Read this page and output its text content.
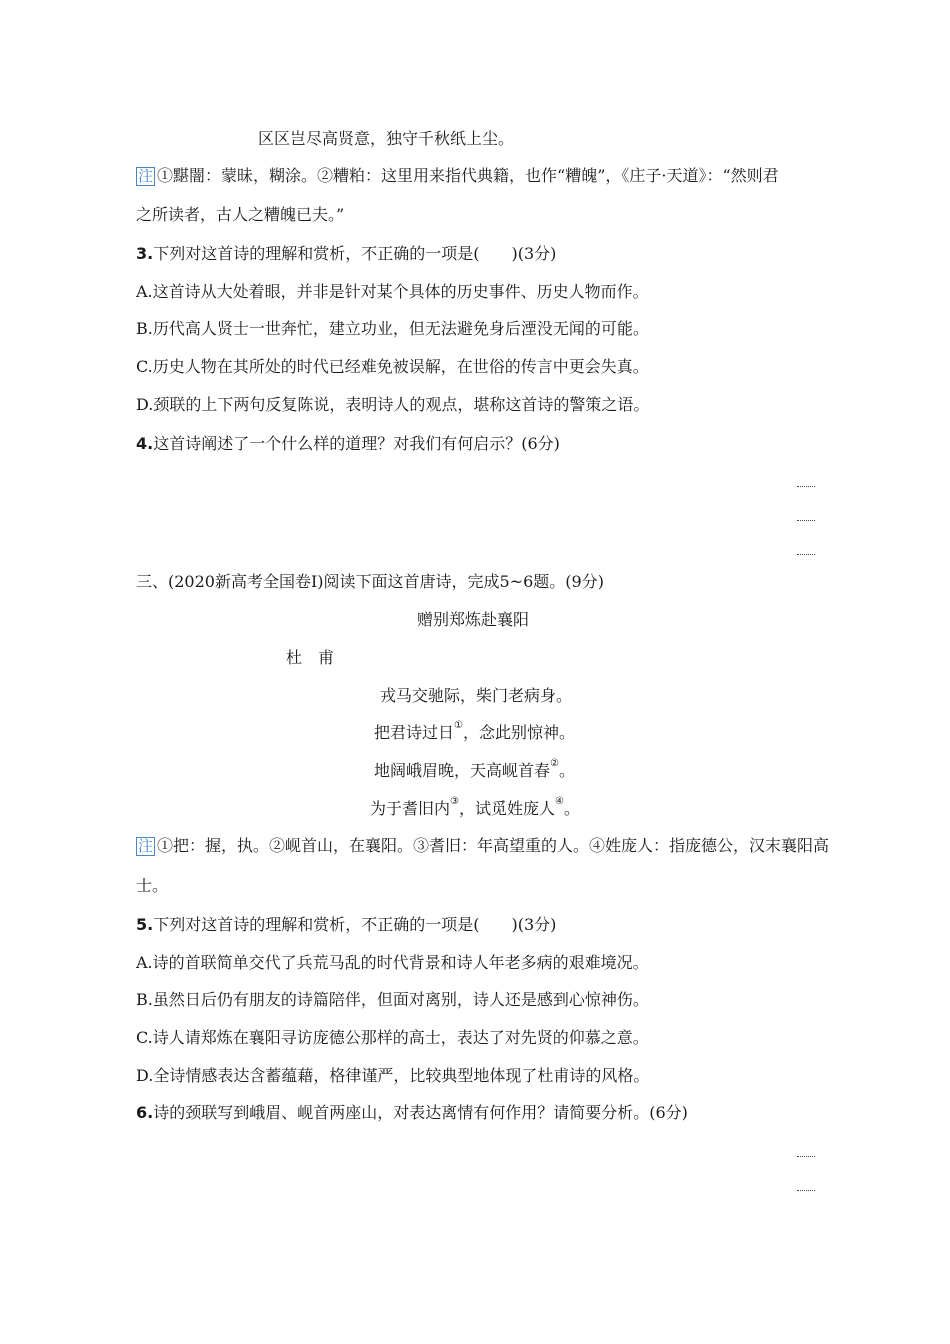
区区岂尽高贤意，独守千秋纸上尘。
注 ①黮闇：蒙昧，糊涂。②糟粕：这里用来指代典籍，也作“糟魄”，《庄子·天道》：“然则君
之所读者，古人之糟魄已夫。”
3.下列对这首诗的理解和赏析，不正确的一项是(　　)(3分)
A.这首诗从大处着眼，并非是针对某个具体的历史事件、历史人物而作。
B.历代高人贤士一世奔忙，建立功业，但无法避免身后湮没无闻的可能。
C.历史人物在其所处的时代已经难免被误解，在世俗的传言中更会失真。
D.颈联的上下两句反复陈说，表明诗人的观点，堪称这首诗的警策之语。
4.这首诗阐述了一个什么样的道理？对我们有何启示？(6分)
三、(2020新高考全国卷Ⅰ)阅读下面这首唐诗，完成5~6题。(9分)
赠别郑炼赴襄阳
杜　甫
戎马交驰际，柴门老病身。
把君诗过日①，念此别惊神。
地阔峨眉晚，天高岘首春②。
为于耆旧内③，试觅姓庞人④。
注 ①把：握，执。②岘首山，在襄阳。③耆旧：年高望重的人。④姓庞人：指庞德公，汉末襄阳高
士。
5.下列对这首诗的理解和赏析，不正确的一项是(　　)(3分)
A.诗的首联简单交代了兵荒马乱的时代背景和诗人年老多病的艰难境况。
B.虽然日后仍有朋友的诗篇陪伴，但面对离别，诗人还是感到心惊神伤。
C.诗人请郑炼在襄阳寻访庞德公那样的高士，表达了对先贤的仰慕之意。
D.全诗情感表达含蓄蕴藉，格律谨严，比较典型地体现了杜甫诗的风格。
6.诗的颈联写到峨眉、岘首两座山，对表达离情有何作用？请简要分析。(6分)
